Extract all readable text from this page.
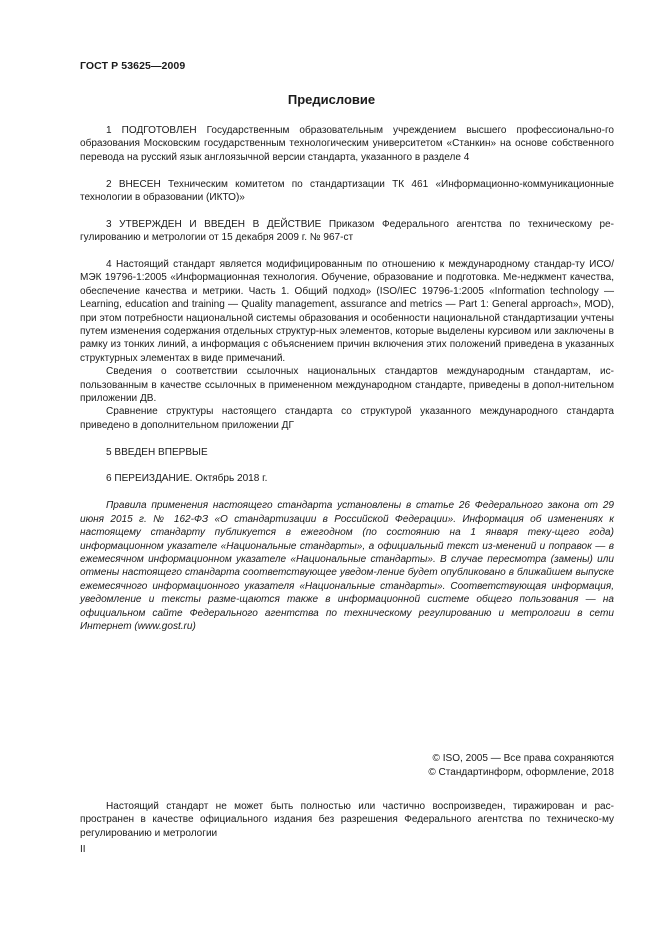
ГОСТ Р 53625—2009
Предисловие

1 ПОДГОТОВЛЕН Государственным образовательным учреждением высшего профессионально-го образования Московским государственным технологическим университетом «Станкин» на основе собственного перевода на русский язык англоязычной версии стандарта, указанного в разделе 4

2 ВНЕСЕН Техническим комитетом по стандартизации ТК 461 «Информационно-коммуникационные технологии в образовании (ИКТО)»

3 УТВЕРЖДЕН И ВВЕДЕН В ДЕЙСТВИЕ Приказом Федерального агентства по техническому ре-гулированию и метрологии от 15 декабря 2009 г. № 967-ст

4 Настоящий стандарт является модифицированным по отношению к международному стандар-ту ИСО/МЭК 19796-1:2005 «Информационная технология. Обучение, образование и подготовка. Ме-неджмент качества, обеспечение качества и метрики. Часть 1. Общий подход» (ISO/IEC 19796-1:2005 «Information technology — Learning, education and training — Quality management, assurance and metrics — Part 1: General approach», MOD), при этом потребности национальной системы образования и особенности национальной стандартизации учтены путем изменения содержания отдельных структур-ных элементов, которые выделены курсивом или заключены в рамку из тонких линий, а информация с объяснением причин включения этих положений приведена в указанных структурных элементах в виде примечаний.

Сведения о соответствии ссылочных национальных стандартов международным стандартам, ис-пользованным в качестве ссылочных в примененном международном стандарте, приведены в допол-нительном приложении ДВ.

Сравнение структуры настоящего стандарта со структурой указанного международного стандарта приведено в дополнительном приложении ДГ

5 ВВЕДЕН ВПЕРВЫЕ

6 ПЕРЕИЗДАНИЕ. Октябрь 2018 г.

Правила применения настоящего стандарта установлены в статье 26 Федерального закона от 29 июня 2015 г. № 162-ФЗ «О стандартизации в Российской Федерации». Информация об изменениях к настоящему стандарту публикуется в ежегодном (по состоянию на 1 января теку-щего года) информационном указателе «Национальные стандарты», а официальный текст из-менений и поправок — в ежемесячном информационном указателе «Национальные стандарты». В случае пересмотра (замены) или отмены настоящего стандарта соответствующее уведом-ление будет опубликовано в ближайшем выпуске ежемесячного информационного указателя «Национальные стандарты». Соответствующая информация, уведомление и тексты разме-щаются также в информационной системе общего пользования — на официальном сайте Федерального агентства по техническому регулированию и метрологии в сети Интернет (www.gost.ru)

© ISO, 2005 — Все права сохраняются
© Стандартинформ, оформление, 2018
Настоящий стандарт не может быть полностью или частично воспроизведен, тиражирован и рас-пространен в качестве официального издания без разрешения Федерального агентства по техническо-му регулированию и метрологии
II
